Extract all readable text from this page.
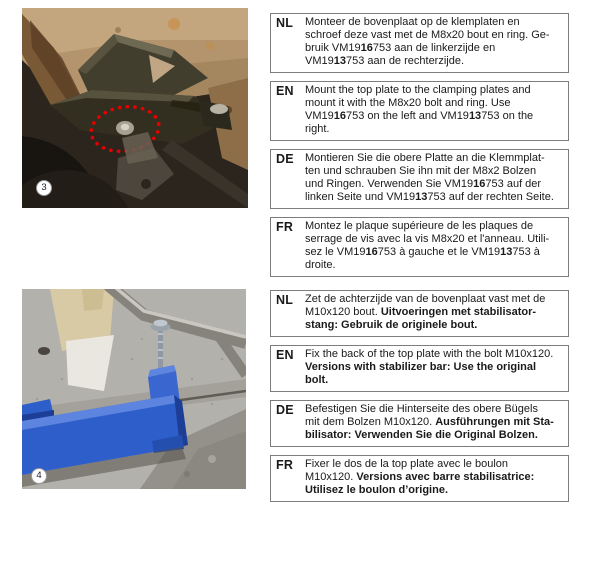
3
4
NL Monteer de bovenplaat op de klemplaten en
schroef deze vast met de M8x20 bout en ring. Ge-
bruik VM1916753 aan de linkerzijde en
VM1913753 aan de rechterzijde.
EN Mount the top plate to the clamping plates and
mount it with the M8x20 bolt and ring. Use
VM1916753 on the left and VM1913753 on the
right.
DE Montieren Sie die obere Platte an die Klemmplat-
ten und schrauben Sie ihn mit der M8x2 Bolzen
und Ringen. Verwenden Sie VM1916753 auf der
linken Seite und VM1913753 auf der rechten Seite.
FR Montez le plaque supérieure de les plaques de
serrage de vis avec la vis M8x20 et l'anneau. Utili-
sez le VM1916753 à gauche et le VM1913753 à
droite.
NL Zet de achterzijde van de bovenplaat vast met de
M10x120 bout. Uitvoeringen met stabilisator-
stang: Gebruik de originele bout.
EN Fix the back of the top plate with the bolt M10x120.
Versions with stabilizer bar: Use the original
bolt.
DE Befestigen Sie die Hinterseite des obere Bügels
mit dem Bolzen M10x120. Ausführungen mit Sta-
bilisator: Verwenden Sie die Original Bolzen.
FR Fixer le dos de la top plate avec le boulon
M10x120. Versions avec barre stabilisatrice:
Utilisez le boulon d’origine.
